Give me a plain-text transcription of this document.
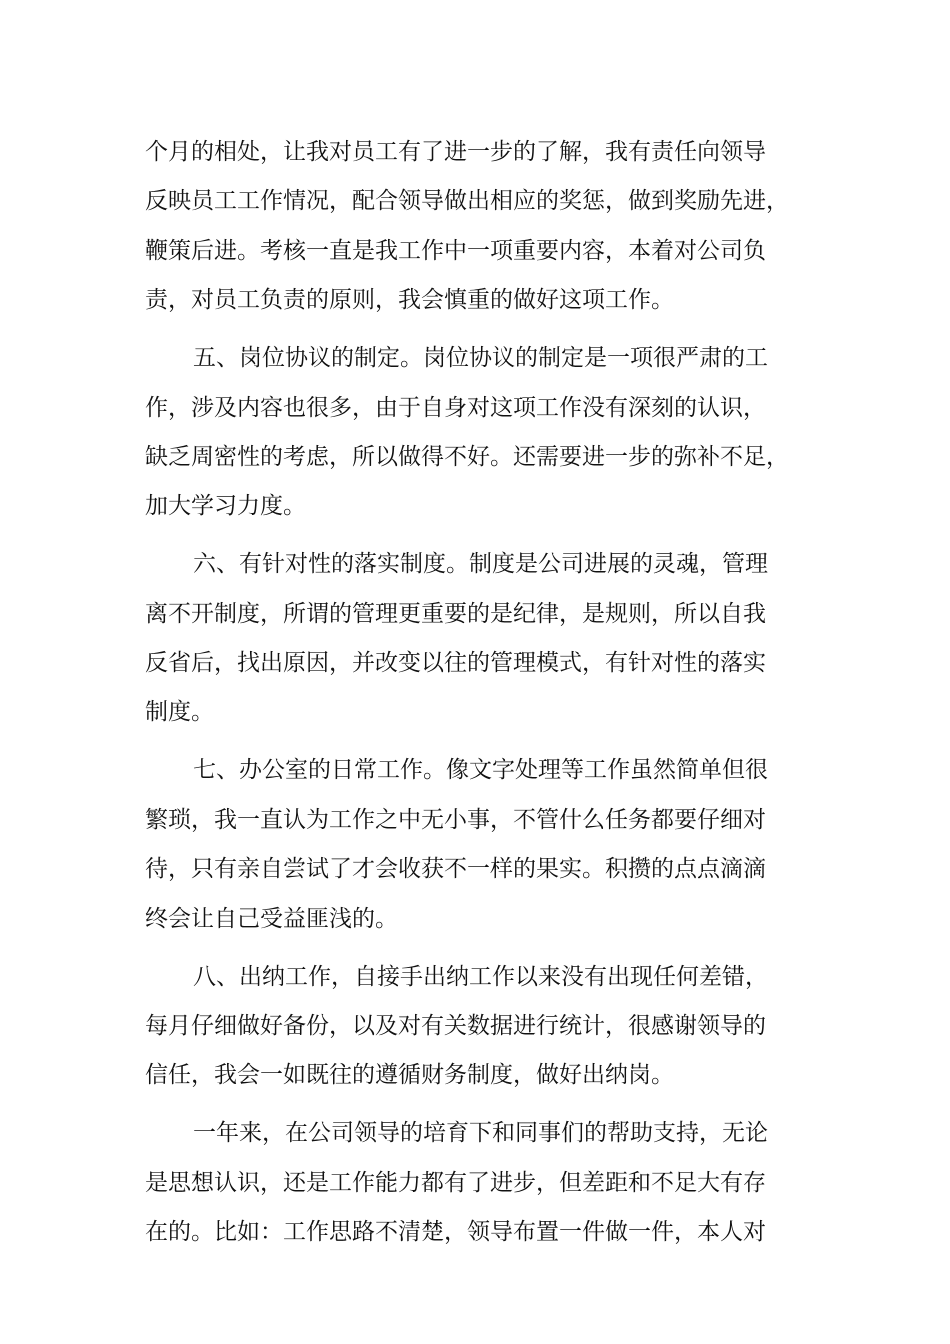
个月的相处，让我对员工有了进一步的了解，我有责任向领导
反映员工工作情况，配合领导做出相应的奖惩，做到奖励先进，
鞭策后进。考核一直是我工作中一项重要内容，本着对公司负
责，对员工负责的原则，我会慎重的做好这项工作。

五、岗位协议的制定。岗位协议的制定是一项很严肃的工
作，涉及内容也很多，由于自身对这项工作没有深刻的认识，
缺乏周密性的考虑，所以做得不好。还需要进一步的弥补不足，
加大学习力度。

六、有针对性的落实制度。制度是公司进展的灵魂，管理
离不开制度，所谓的管理更重要的是纪律，是规则，所以自我
反省后，找出原因，并改变以往的管理模式，有针对性的落实
制度。

七、办公室的日常工作。像文字处理等工作虽然简单但很
繁琐，我一直认为工作之中无小事，不管什么任务都要仔细对
待，只有亲自尝试了才会收获不一样的果实。积攒的点点滴滴
终会让自己受益匪浅的。

八、出纳工作，自接手出纳工作以来没有出现任何差错，
每月仔细做好备份，以及对有关数据进行统计，很感谢领导的
信任，我会一如既往的遵循财务制度，做好出纳岗。

一年来，在公司领导的培育下和同事们的帮助支持，无论
是思想认识，还是工作能力都有了进步，但差距和不足大有存
在的。比如：工作思路不清楚，领导布置一件做一件，本人对
